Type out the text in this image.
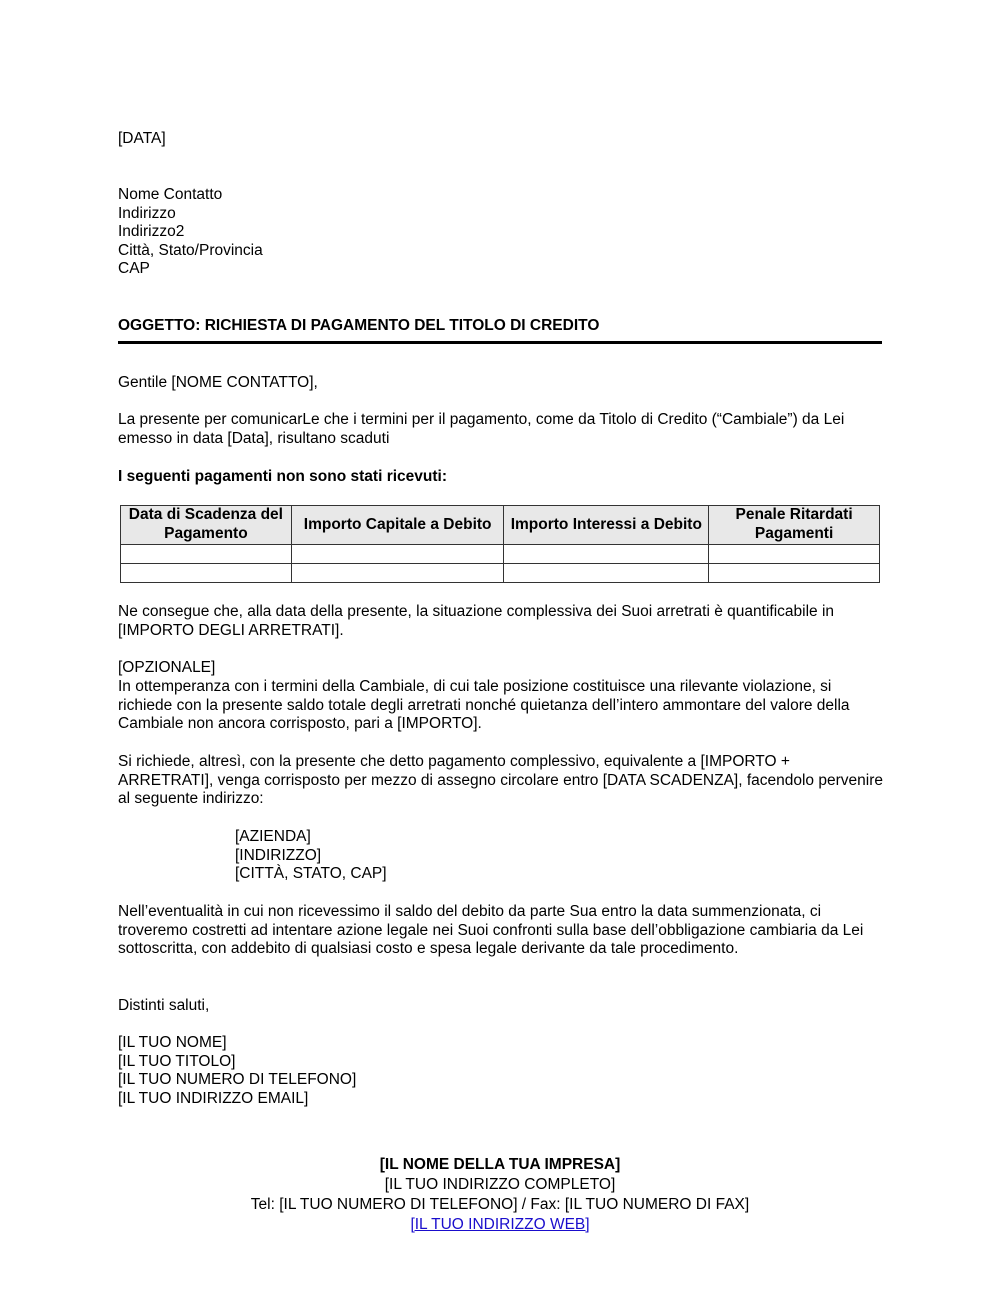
[DATA]
Nome Contatto
Indirizzo
Indirizzo2
Città, Stato/Provincia
CAP
OGGETTO: RICHIESTA DI PAGAMENTO DEL TITOLO DI CREDITO
Gentile [NOME CONTATTO],
La presente per comunicarLe che i termini per il pagamento, come da Titolo di Credito (“Cambiale”) da Lei emesso in data [Data], risultano scaduti
I seguenti pagamenti non sono stati ricevuti:
Data di Scadenza del Pagamento	Importo Capitale a Debito	Importo Interessi a Debito	Penale Ritardati Pagamenti

Ne consegue che, alla data della presente, la situazione complessiva dei Suoi arretrati è quantificabile in [IMPORTO DEGLI ARRETRATI].
[OPZIONALE]
In ottemperanza con i termini della Cambiale, di cui tale posizione costituisce una rilevante violazione, si richiede con la presente saldo totale degli arretrati nonché quietanza dell’intero ammontare del valore della Cambiale non ancora corrisposto, pari a [IMPORTO].
Si richiede, altresì, con la presente che detto pagamento complessivo, equivalente a [IMPORTO + ARRETRATI], venga corrisposto per mezzo di assegno circolare entro [DATA SCADENZA], facendolo pervenire al seguente indirizzo:
[AZIENDA]
[INDIRIZZO]
[CITTÀ, STATO, CAP]
Nell’eventualità in cui non ricevessimo il saldo del debito da parte Sua entro la data summenzionata, ci troveremo costretti ad intentare azione legale nei Suoi confronti sulla base dell’obbligazione cambiaria da Lei sottoscritta, con addebito di qualsiasi costo e spesa legale derivante da tale procedimento.
Distinti saluti,
[IL TUO NOME]
[IL TUO TITOLO]
[IL TUO NUMERO DI TELEFONO]
[IL TUO INDIRIZZO EMAIL]
[IL NOME DELLA TUA IMPRESA]
[IL TUO INDIRIZZO COMPLETO]
Tel: [IL TUO NUMERO DI TELEFONO] / Fax: [IL TUO NUMERO DI FAX]
[IL TUO INDIRIZZO WEB]
